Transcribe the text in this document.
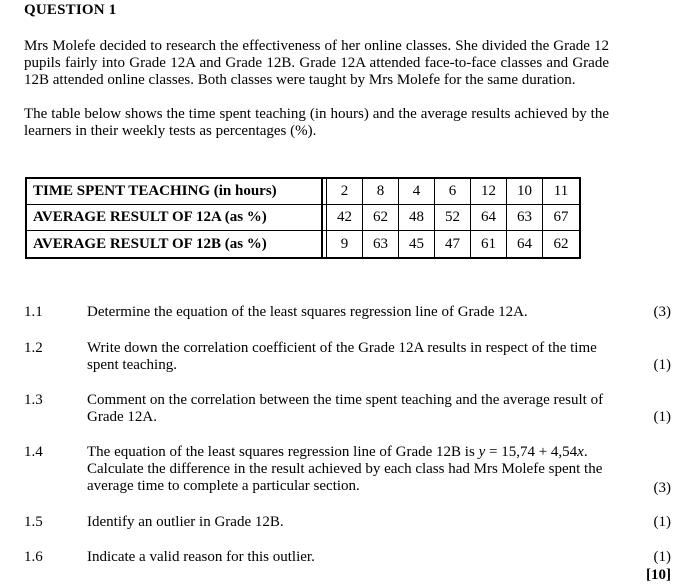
QUESTION 1

Mrs Molefe decided to research the effectiveness of her online classes. She divided the Grade 12 pupils fairly into Grade 12A and Grade 12B. Grade 12A attended face-to-face classes and Grade 12B attended online classes. Both classes were taught by Mrs Molefe for the same duration.

The table below shows the time spent teaching (in hours) and the average results achieved by the learners in their weekly tests as percentages (%).

TIME SPENT TEACHING (in hours)		2	8	4	6	12	10	11
AVERAGE RESULT OF 12A (as %)		42	62	48	52	64	63	67
AVERAGE RESULT OF 12B (as %)		9	63	45	47	61	64	62
1.1	Determine the equation of the least squares regression line of Grade 12A.	(3)
1.2	Write down the correlation coefficient of the Grade 12A results in respect of the time spent teaching.	(1)
1.3	Comment on the correlation between the time spent teaching and the average result of Grade 12A.	(1)
1.4	The equation of the least squares regression line of Grade 12B is y = 15,74 + 4,54x.
Calculate the difference in the result achieved by each class had Mrs Molefe spent the average time to complete a particular section.	(3)
1.5	Identify an outlier in Grade 12B.	(1)
1.6	Indicate a valid reason for this outlier.	(1)
[10]
